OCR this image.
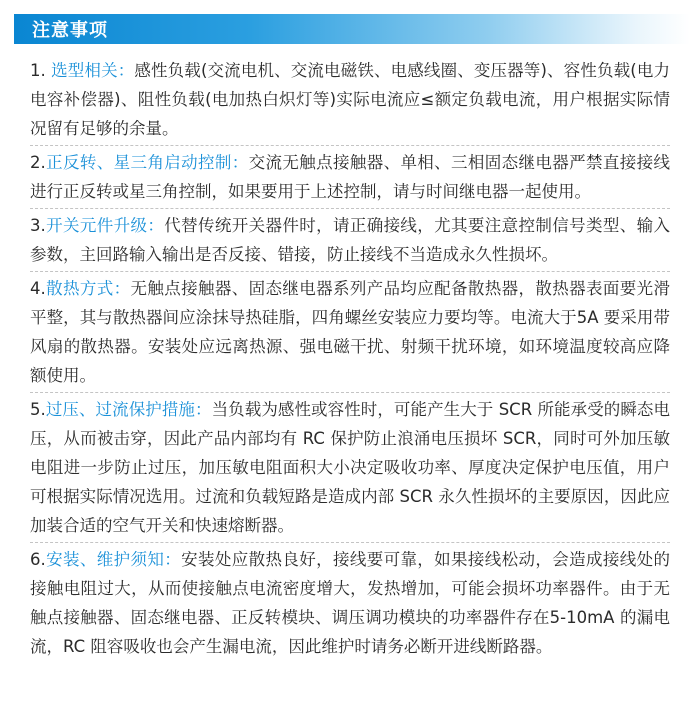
注意事项
1. 选型相关：感性负载(交流电机、交流电磁铁、电感线圈、变压器等)、容性负载(电力电容补偿器)、阻性负载(电加热白炽灯等)实际电流应≤额定负载电流，用户根据实际情况留有足够的余量。
2.正反转、星三角启动控制：交流无触点接触器、单相、三相固态继电器严禁直接接线进行正反转或星三角控制，如果要用于上述控制，请与时间继电器一起使用。
3.开关元件升级：代替传统开关器件时，请正确接线，尤其要注意控制信号类型、输入参数，主回路输入输出是否反接、错接，防止接线不当造成永久性损坏。
4.散热方式：无触点接触器、固态继电器系列产品均应配备散热器，散热器表面要光滑平整，其与散热器间应涂抹导热硅脂，四角螺丝安装应力要均等。电流大于5A 要采用带风扇的散热器。安装处应远离热源、强电磁干扰、射频干扰环境，如环境温度较高应降额使用。
5.过压、过流保护措施：当负载为感性或容性时，可能产生大于 SCR 所能承受的瞬态电压，从而被击穿，因此产品内部均有 RC 保护防止浪涌电压损坏 SCR，同时可外加压敏电阻进一步防止过压，加压敏电阻面积大小决定吸收功率、厚度决定保护电压值，用户可根据实际情况选用。过流和负载短路是造成内部 SCR 永久性损坏的主要原因，因此应加装合适的空气开关和快速熔断器。
6.安装、维护须知：安装处应散热良好，接线要可靠，如果接线松动，会造成接线处的接触电阻过大，从而使接触点电流密度增大，发热增加，可能会损坏功率器件。由于无触点接触器、固态继电器、正反转模块、调压调功模块的功率器件存在5-10mA 的漏电流，RC 阻容吸收也会产生漏电流，因此维护时请务必断开进线断路器。
